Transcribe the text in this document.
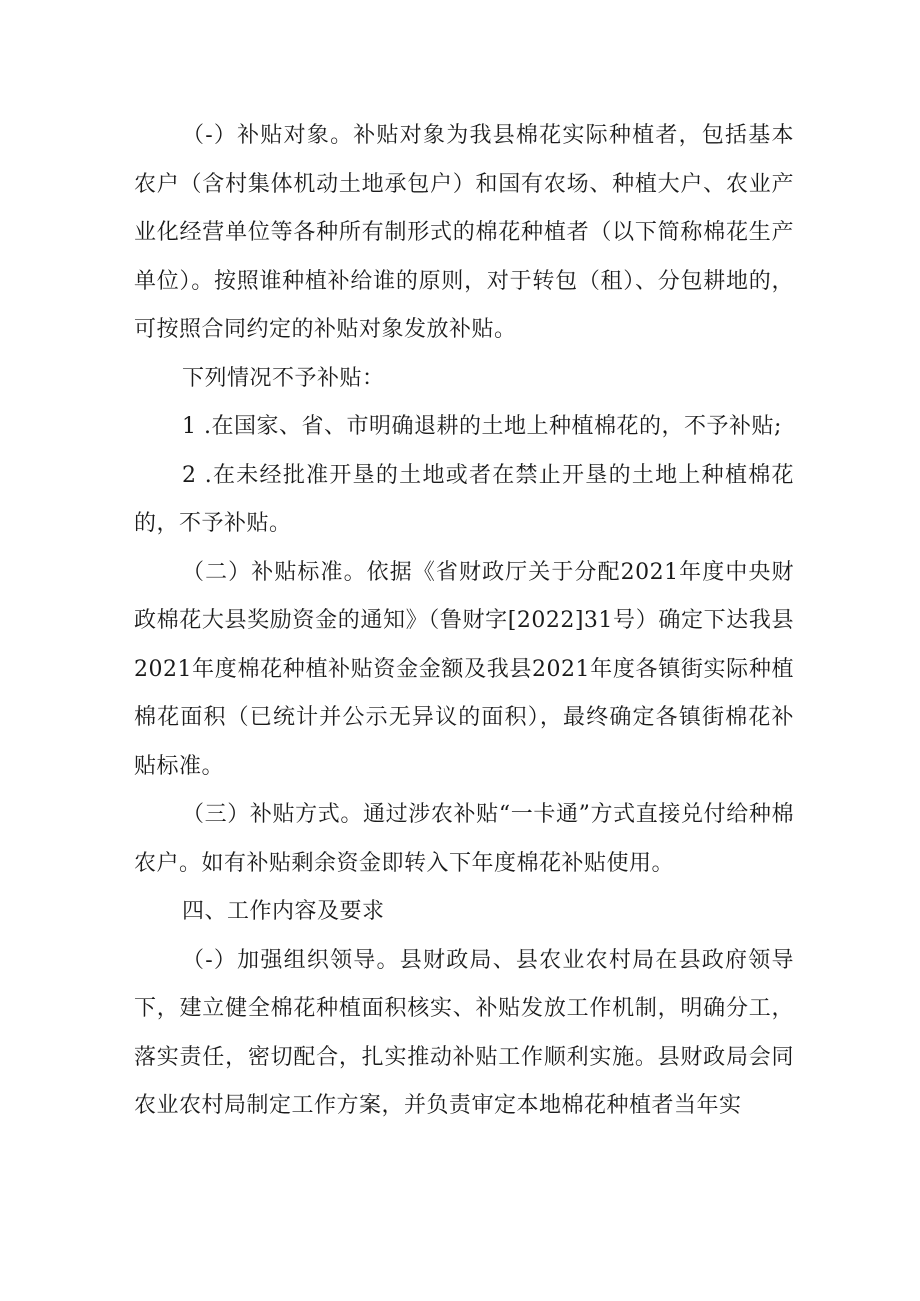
（-）补贴对象。补贴对象为我县棉花实际种植者，包括基本农户（含村集体机动土地承包户）和国有农场、种植大户、农业产业化经营单位等各种所有制形式的棉花种植者（以下简称棉花生产单位）。按照谁种植补给谁的原则，对于转包（租）、分包耕地的，可按照合同约定的补贴对象发放补贴。

下列情况不予补贴：

1 .在国家、省、市明确退耕的土地上种植棉花的，不予补贴;

2 .在未经批准开垦的土地或者在禁止开垦的土地上种植棉花的，不予补贴。

（二）补贴标准。依据《省财政厅关于分配2021年度中央财政棉花大县奖励资金的通知》（鲁财字[2022]31号）确定下达我县2021年度棉花种植补贴资金金额及我县2021年度各镇街实际种植棉花面积（已统计并公示无异议的面积），最终确定各镇街棉花补贴标准。

（三）补贴方式。通过涉农补贴“一卡通”方式直接兑付给种棉农户。如有补贴剩余资金即转入下年度棉花补贴使用。

四、工作内容及要求

（-）加强组织领导。县财政局、县农业农村局在县政府领导下，建立健全棉花种植面积核实、补贴发放工作机制，明确分工，落实责任，密切配合，扎实推动补贴工作顺利实施。县财政局会同农业农村局制定工作方案，并负责审定本地棉花种植者当年实
